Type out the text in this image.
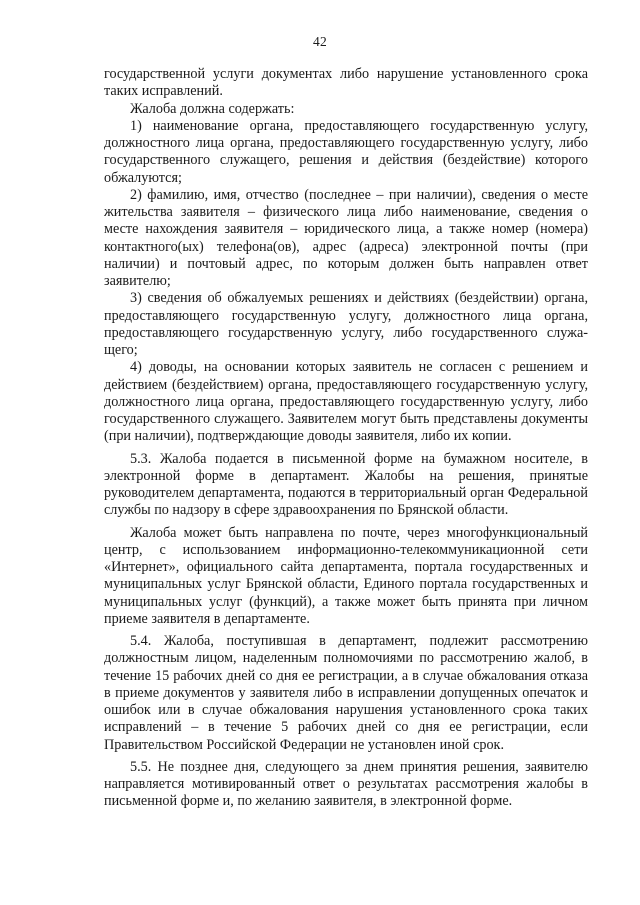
42

государственной услуги документах либо нарушение установленного срока таких исправлений.

Жалоба должна содержать:

1) наименование органа, предоставляющего государственную услугу, должностного лица органа, предоставляющего государственную услугу, либо государственного служащего, решения и действия (бездействие) которого обжалуются;

2) фамилию, имя, отчество (последнее – при наличии), сведения о месте жительства заявителя – физического лица либо наименование, сведения о месте нахождения заявителя – юридического лица, а также номер (номера) контактного(ых) телефона(ов), адрес (адреса) электронной почты (при наличии) и почтовый адрес, по которым должен быть направлен ответ заявителю;

3) сведения об обжалуемых решениях и действиях (бездействии) органа, предоставляющего государственную услугу, должностного лица органа, предоставляющего государственную услугу, либо государственного служа-щего;

4) доводы, на основании которых заявитель не согласен с решением и действием (бездействием) органа, предоставляющего государственную услугу, должностного лица органа, предоставляющего государственную услугу, либо государственного служащего. Заявителем могут быть представлены документы (при наличии), подтверждающие доводы заявителя, либо их копии.

5.3. Жалоба подается в письменной форме на бумажном носителе, в электронной форме в департамент. Жалобы на решения, принятые руководителем департамента, подаются в территориальный орган Федеральной службы по надзору в сфере здравоохранения по Брянской области.

Жалоба может быть направлена по почте, через многофункциональный центр, с использованием информационно-телекоммуникационной сети «Интернет», официального сайта департамента, портала государственных и муниципальных услуг Брянской области, Единого портала государственных и муниципальных услуг (функций), а также может быть принята при личном приеме заявителя в департаменте.

5.4. Жалоба, поступившая в департамент, подлежит рассмотрению должностным лицом, наделенным полномочиями по рассмотрению жалоб, в течение 15 рабочих дней со дня ее регистрации, а в случае обжалования отказа в приеме документов у заявителя либо в исправлении допущенных опечаток и ошибок или в случае обжалования нарушения установленного срока таких исправлений – в течение 5 рабочих дней со дня ее регистрации, если Правительством Российской Федерации не установлен иной срок.

5.5. Не позднее дня, следующего за днем принятия решения, заявителю направляется мотивированный ответ о результатах рассмотрения жалобы в письменной форме и, по желанию заявителя, в электронной форме.
